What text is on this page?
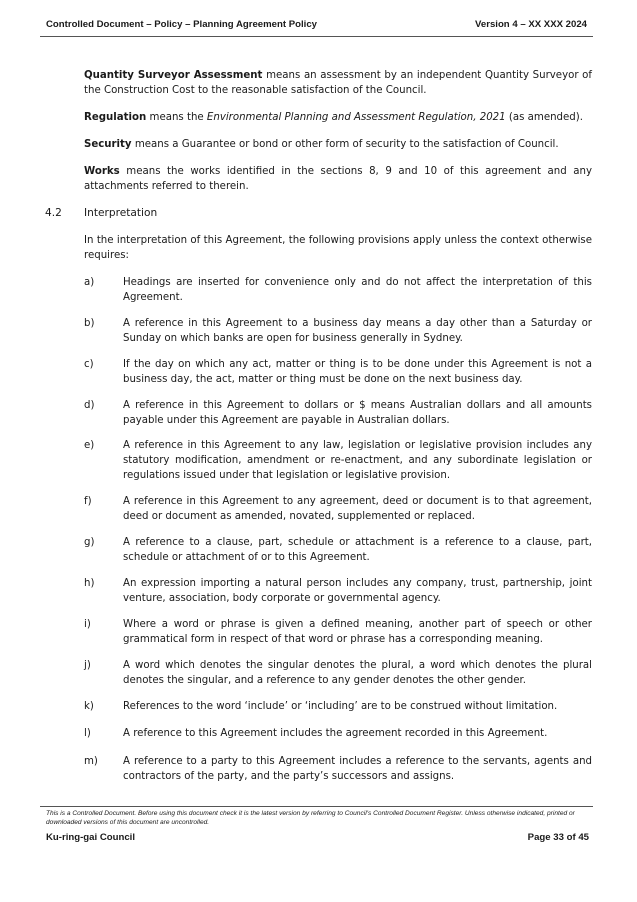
Controlled Document – Policy – Planning Agreement Policy	Version 4 – XX XXX 2024
Quantity Surveyor Assessment means an assessment by an independent Quantity Surveyor of the Construction Cost to the reasonable satisfaction of the Council.
Regulation means the Environmental Planning and Assessment Regulation, 2021 (as amended).
Security means a Guarantee or bond or other form of security to the satisfaction of Council.
Works means the works identified in the sections 8, 9 and 10 of this agreement and any attachments referred to therein.
4.2 Interpretation
In the interpretation of this Agreement, the following provisions apply unless the context otherwise requires:
a)	Headings are inserted for convenience only and do not affect the interpretation of this Agreement.
b)	A reference in this Agreement to a business day means a day other than a Saturday or Sunday on which banks are open for business generally in Sydney.
c)	If the day on which any act, matter or thing is to be done under this Agreement is not a business day, the act, matter or thing must be done on the next business day.
d)	A reference in this Agreement to dollars or $ means Australian dollars and all amounts payable under this Agreement are payable in Australian dollars.
e)	A reference in this Agreement to any law, legislation or legislative provision includes any statutory modification, amendment or re-enactment, and any subordinate legislation or regulations issued under that legislation or legislative provision.
f)	A reference in this Agreement to any agreement, deed or document is to that agreement, deed or document as amended, novated, supplemented or replaced.
g)	A reference to a clause, part, schedule or attachment is a reference to a clause, part, schedule or attachment of or to this Agreement.
h)	An expression importing a natural person includes any company, trust, partnership, joint venture, association, body corporate or governmental agency.
i)	Where a word or phrase is given a defined meaning, another part of speech or other grammatical form in respect of that word or phrase has a corresponding meaning.
j)	A word which denotes the singular denotes the plural, a word which denotes the plural denotes the singular, and a reference to any gender denotes the other gender.
k)	References to the word ‘include’ or ‘including’ are to be construed without limitation.
l)	A reference to this Agreement includes the agreement recorded in this Agreement.
m) A reference to a party to this Agreement includes a reference to the servants, agents and contractors of the party, and the party’s successors and assigns.
This is a Controlled Document. Before using this document check it is the latest version by referring to Council’s Controlled Document Register. Unless otherwise indicated, printed or downloaded versions of this document are uncontrolled.
Ku-ring-gai Council	Page 33 of 45
